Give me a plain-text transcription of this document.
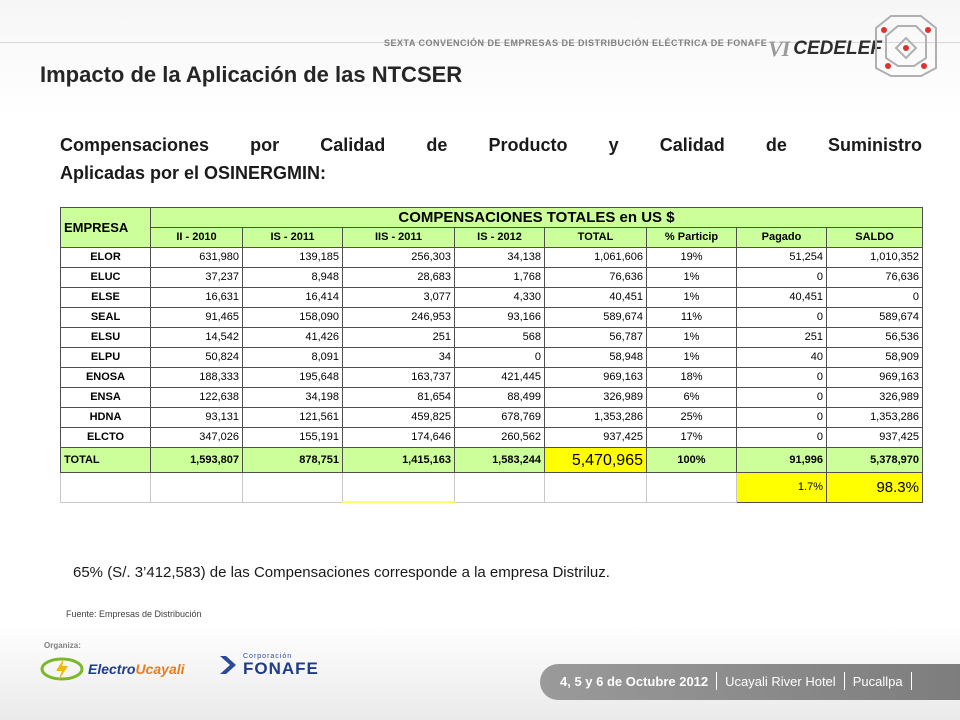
SEXTA CONVENCIÓN DE EMPRESAS DE DISTRIBUCIÓN ELÉCTRICA DE FONAFE VI CEDELEF
Impacto de la Aplicación de las NTCSER

Compensaciones por Calidad de Producto y Calidad de Suministro

Aplicadas por el OSINERGMIN:

EMPRESA	COMPENSACIONES TOTALES en US $							
	II - 2010	IS - 2011	IIS - 2011	IS - 2012	TOTAL	% Particip	Pagado	SALDO
ELOR	631,980	139,185	256,303	34,138	1,061,606	19%	51,254	1,010,352
ELUC	37,237	8,948	28,683	1,768	76,636	1%	0	76,636
ELSE	16,631	16,414	3,077	4,330	40,451	1%	40,451	0
SEAL	91,465	158,090	246,953	93,166	589,674	11%	0	589,674
ELSU	14,542	41,426	251	568	56,787	1%	251	56,536
ELPU	50,824	8,091	34	0	58,948	1%	40	58,909
ENOSA	188,333	195,648	163,737	421,445	969,163	18%	0	969,163
ENSA	122,638	34,198	81,654	88,499	326,989	6%	0	326,989
HDNA	93,131	121,561	459,825	678,769	1,353,286	25%	0	1,353,286
ELCTO	347,026	155,191	174,646	260,562	937,425	17%	0	937,425
TOTAL	1,593,807	878,751	1,415,163	1,583,244	5,470,965	100%	91,996	5,378,970
							1.7%	98.3%
65% (S/. 3’412,583) de las Compensaciones corresponde a la empresa Distriluz.
Fuente: Empresas de Distribución
Organiza:
ElectroUcayali
Corporación
FONAFE
4, 5 y 6 de Octubre 2012 Ucayali River Hotel Pucallpa
